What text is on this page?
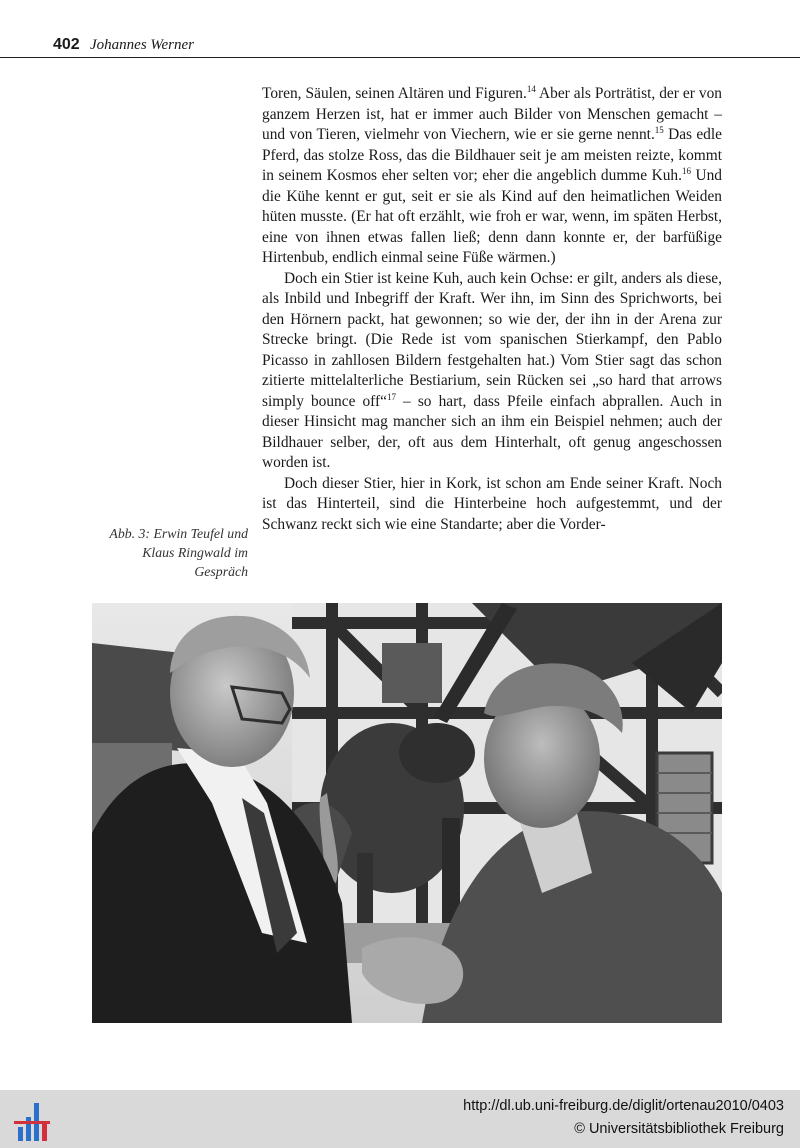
402 Johannes Werner

Toren, Säulen, seinen Altären und Figuren.$^{14}$ Aber als Porträtist, der er von ganzem Herzen ist, hat er immer auch Bilder von Menschen gemacht – und von Tieren, vielmehr von Viechern, wie er sie gerne nennt.$^{15}$ Das edle Pferd, das stolze Ross, das die Bildhauer seit je am meisten reizte, kommt in seinem Kosmos eher selten vor; eher die angeblich dumme Kuh.$^{16}$ Und die Kühe kennt er gut, seit er sie als Kind auf den heimatlichen Weiden hüten musste. (Er hat oft erzählt, wie froh er war, wenn, im späten Herbst, eine von ihnen etwas fallen ließ; denn dann konnte er, der barfüßige Hirtenbub, endlich einmal seine Füße wärmen.)

Doch ein Stier ist keine Kuh, auch kein Ochse: er gilt, anders als diese, als Inbild und Inbegriff der Kraft. Wer ihn, im Sinn des Sprichworts, bei den Hörnern packt, hat gewonnen; so wie der, der ihn in der Arena zur Strecke bringt. (Die Rede ist vom spanischen Stierkampf, den Pablo Picasso in zahllosen Bildern festgehalten hat.) Vom Stier sagt das schon zitierte mittelalterliche Bestiarium, sein Rücken sei „so hard that arrows simply bounce off“$^{17}$ – so hart, dass Pfeile einfach abprallen. Auch in dieser Hinsicht mag mancher sich an ihm ein Beispiel nehmen; auch der Bildhauer selber, der, oft aus dem Hinterhalt, oft genug angeschossen worden ist.

Doch dieser Stier, hier in Kork, ist schon am Ende seiner Kraft. Noch ist das Hinterteil, sind die Hinterbeine hoch aufgestemmt, und der Schwanz reckt sich wie eine Standarte; aber die Vorder-

Abb. 3: Erwin Teufel und Klaus Ringwald im Gespräch
http://dl.ub.uni-freiburg.de/diglit/ortenau2010/0403
© Universitätsbibliothek Freiburg
